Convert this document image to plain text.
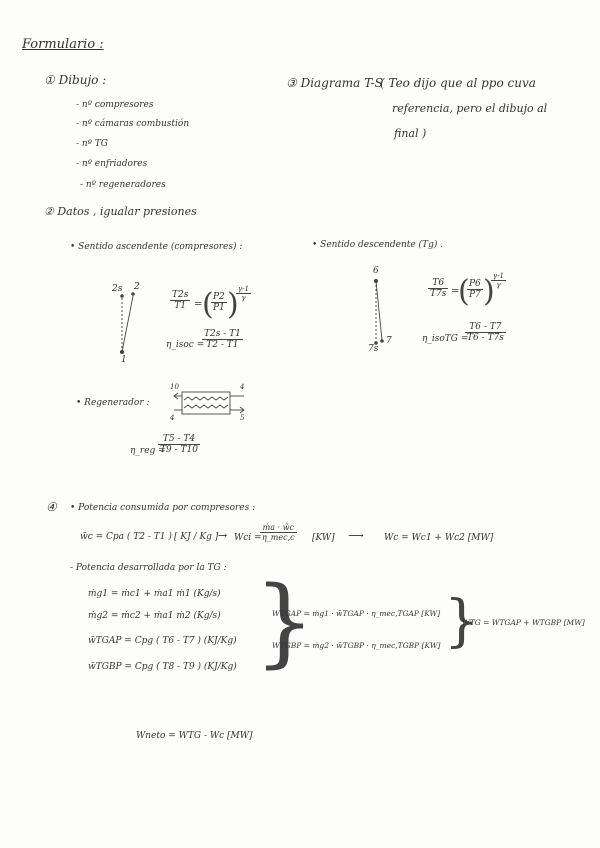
Formulario :
① Dibujo :
- nº compresores
- nº cámaras combustión
- nº TG
- nº enfriadores
- nº regeneradores
③ Diagrama T-S
( Teo dijo que al ppo cuva
referencia, pero el dibujo al
final )
② Datos , igualar presiones
• Sentido ascendente (compresores) :
2s 2
1
$\frac{T2s}{T1}$ = (
$\frac{P2}{P1}$ )
$\frac{\gamma-1}{\gamma}$
η_isoc =
$\frac{T2s - T1}{T2 - T1}$
• Sentido descendente (Tg) .
6
7s
7
$\frac{T6}{T7s}$ =
(
$\frac{P6}{P7}$ )
$\frac{\gamma-1}{\gamma}$
η_isoTG =
$\frac{T6 - T7}{T6 - T7s}$
• Regenerador :
10	4
4	5
η_reg =
$\frac{T5 - T4}{T9 - T10}$
④ • Potencia consumida por compresores :
w̃c = Cpa ( T2 - T1 ) [ KJ / Kg ] → Wci =
ṁa · w̃c
η_mec,c [KW] ⟶ Wc = Wc1 + Wc2 [MW]
- Potencia desarrollada por la TG :
ṁg1 = ṁc1 + ṁa1 ṁ1 (Kg/s)
ṁg2 = ṁc2 + ṁa1 ṁ2 (Kg/s)
w̃TGAP = Cpg ( T6 - T7 ) (KJ/Kg)
w̃TGBP = Cpg ( T8 - T9 ) (KJ/Kg) }
WTGAP = ṁg1 · w̃TGAP · η_mec,TGAP [KW]
WTGBP = ṁg2 · w̃TGBP · η_mec,TGBP [KW] }
WTG = WTGAP + WTGBP [MW]
Wneto = WTG - Wc [MW]
